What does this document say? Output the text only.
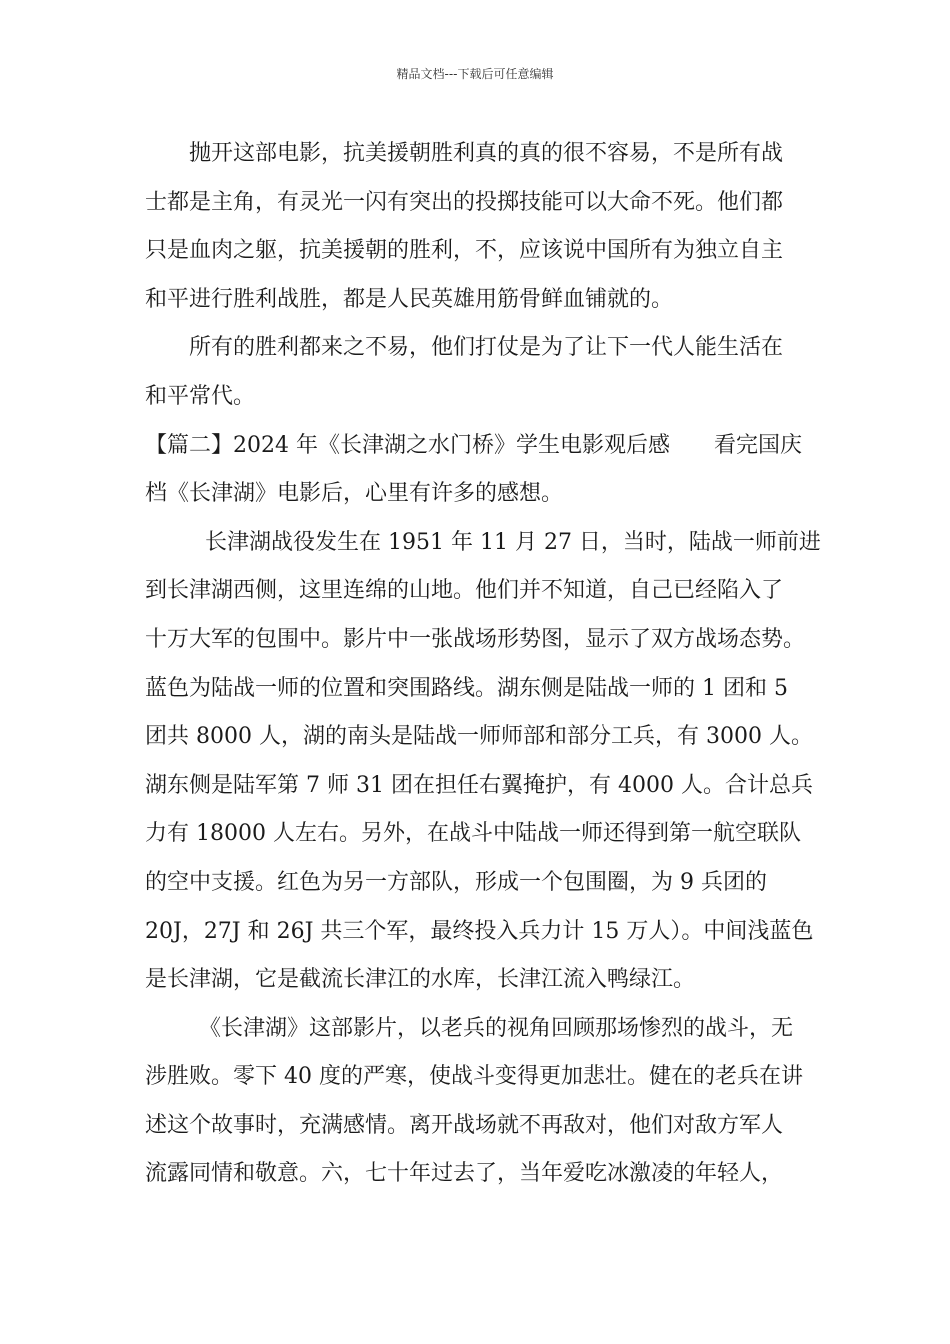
精品文档---下载后可任意编辑
抛开这部电影，抗美援朝胜利真的真的很不容易，不是所有战
士都是主角，有灵光一闪有突出的投掷技能可以大命不死。他们都
只是血肉之躯，抗美援朝的胜利，不，应该说中国所有为独立自主
和平进行胜利战胜，都是人民英雄用筋骨鲜血铺就的。
所有的胜利都来之不易，他们打仗是为了让下一代人能生活在
和平常代。
【篇二】2024 年《长津湖之水门桥》学生电影观后感　　看完国庆
档《长津湖》电影后，心里有许多的感想。
长津湖战役发生在 1951 年 11 月 27 日，当时，陆战一师前进
到长津湖西侧，这里连绵的山地。他们并不知道，自己已经陷入了
十万大军的包围中。影片中一张战场形势图，显示了双方战场态势。
蓝色为陆战一师的位置和突围路线。湖东侧是陆战一师的 1 团和 5
团共 8000 人，湖的南头是陆战一师师部和部分工兵，有 3000 人。
湖东侧是陆军第 7 师 31 团在担任右翼掩护，有 4000 人。合计总兵
力有 18000 人左右。另外，在战斗中陆战一师还得到第一航空联队
的空中支援。红色为另一方部队，形成一个包围圈，为 9 兵团的
20J，27J 和 26J 共三个军，最终投入兵力计 15 万人）。中间浅蓝色
是长津湖，它是截流长津江的水库，长津江流入鸭绿江。
《长津湖》这部影片，以老兵的视角回顾那场惨烈的战斗，无
涉胜败。零下 40 度的严寒，使战斗变得更加悲壮。健在的老兵在讲
述这个故事时，充满感情。离开战场就不再敌对，他们对敌方军人
流露同情和敬意。六，七十年过去了，当年爱吃冰激凌的年轻人，
